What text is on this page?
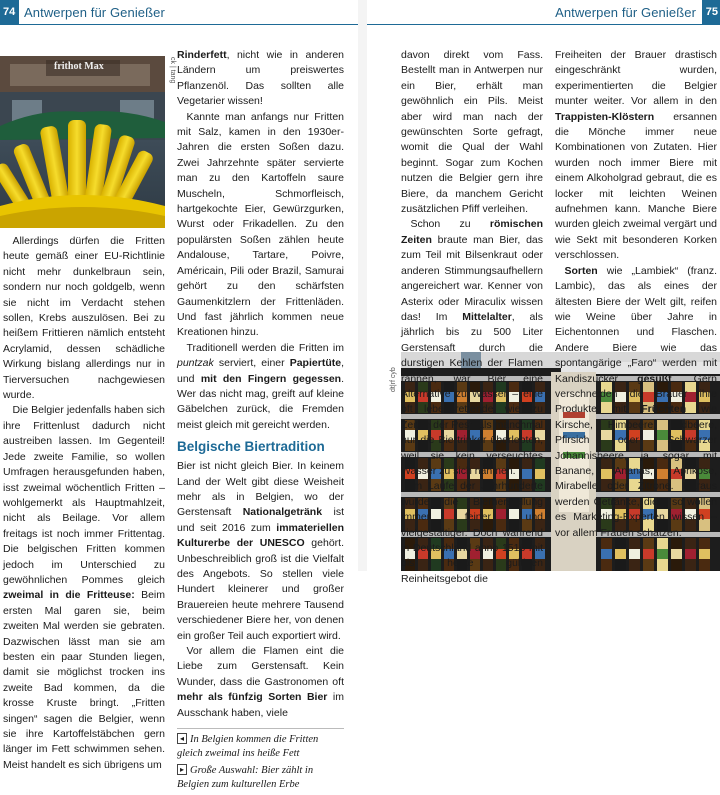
74 Antwerpen für Genießer	75
Antwerpen für Genießer
frithot Max	ck | tang
dt|rf cyb

Allerdings dürfen die Fritten heute gemäß einer EU-Richtlinie nicht mehr dunkelbraun sein, sondern nur noch goldgelb, wenn sie nicht im Verdacht stehen sollen, Krebs auszulösen. Bei zu heißem Frittieren nämlich entsteht Acrylamid, dessen schädliche Wirkung bislang allerdings nur in Tierversuchen nachgewiesen wurde.

Die Belgier jedenfalls haben sich ihre Frittenlust dadurch nicht austreiben lassen. Im Gegenteil! Jede zweite Familie, so wollen Umfragen herausgefunden haben, isst zweimal wöchentlich Fritten – wohlgemerkt als Hauptmahlzeit, nicht als Beilage. Vor allem freitags ist noch immer Frittentag. Die belgischen Fritten kommen jedoch im Unterschied zu gewöhnlichen Pommes gleich zweimal in die Fritteuse: Beim ersten Mal garen sie, beim zweiten Mal werden sie gebraten. Dazwischen lässt man sie am besten ein paar Stunden liegen, damit sie möglichst trocken ins zweite Bad kommen, da die krosse Kruste bringt. „Fritten singen“ sagen die Belgier, wenn sie ihre Kartoffelstäbchen gern länger im Fett schwimmen sehen. Meist handelt es sich übrigens um

Rinderfett, nicht wie in anderen Ländern um preiswertes Pflanzenöl. Das sollten alle Vegetarier wissen!

Kannte man anfangs nur Fritten mit Salz, kamen in den 1930er-Jahren die ersten Soßen dazu. Zwei Jahrzehnte später servierte man zu den Kartoffeln saure Muscheln, Schmorfleisch, hartgekochte Eier, Gewürzgurken, Wurst oder Frikadellen. Zu den populärsten Soßen zählen heute Andalouse, Tartare, Poivre, Américain, Pili oder Brazil, Samurai gehört zu den schärfsten Gaumenkitzlern der Frittenläden. Und fast jährlich kommen neue Kreationen hinzu.

Traditionell werden die Fritten im puntzak serviert, einer Papiertüte, und mit den Fingern gegessen. Wer das nicht mag, greift auf kleine Gäbelchen zurück, die Fremden meist gleich mit gereicht werden.

Belgische Biertradition

Bier ist nicht gleich Bier. In keinem Land der Welt gibt diese Weisheit mehr als in Belgien, wo der Gerstensaft Nationalgetränk ist und seit 2016 zum immateriellen Kulturerbe der UNESCO gehört. Unbeschreiblich groß ist die Vielfalt des Angebots. So stellen viele Hundert kleinerer und großer Brauereien heute mehrere Tausend verschiedener Biere her, von denen ein großer Teil auch exportiert wird.

Vor allem die Flamen eint die Liebe zum Gerstensaft. Kein Wunder, dass die Gastronomen oft mehr als fünfzig Sorten Bier im Ausschank haben, viele

◂ In Belgien kommen die Fritten gleich zweimal ins heiße Fett
▸ Große Auswahl: Bier zählt in Belgien zum kulturellen Erbe

davon direkt vom Fass. Bestellt man in Antwerpen nur ein Bier, erhält man gewöhnlich ein Pils. Meist aber wird man nach der gewünschten Sorte gefragt, womit die Qual der Wahl beginnt. Sogar zum Kochen nutzen die Belgier gern ihre Biere, da manchem Gericht zusätzlichen Pfiff verleihen.

Schon zu römischen Zeiten braute man Bier, das zum Teil mit Bilsenkraut oder anderen Stimmungsaufhellern angereichert war. Kenner von Asterix oder Miraculix wissen das! Im Mittelalter, als jährlich bis zu 500 Liter Gerstensaft durch die durstigen Kehlen der Flamen rannen, war Bier eine Alternative zu Wasser – eine oft lebensrettende wie zu Zeiten der Pest, als manchmal nur die Biertrinker überlebten, weil sie kein verseuchtes Wasser zu sich nahmen.

Im Laufe der Jahrhunderte wurde die Bierherstellung immer feiner und vielgestaltiger. Doch während in Deutschland anno 1516 mit bis heute gültigen Reinheitsgebot die

Freiheiten der Brauer drastisch eingeschränkt wurden, experimentierten die Belgier munter weiter. Vor allem in den Trappisten-Klöstern ersannen die Mönche immer neue Kombinationen von Zutaten. Hier wurden noch immer Biere mit einem Alkoholgrad gebraut, die es locker mit leichten Weinen aufnehmen kann. Manche Biere wurden gleich zweimal vergärt und wie Sekt mit besonderen Korken verschlossen.

Sorten wie „Lambiek“ (franz. Lambic), das als eines der ältesten Biere der Welt gilt, reifen wie Weine über Jahre in Eichentonnen und Flaschen. Andere Biere wie das spontangärige „Faro“ werden mit Kandiszucker gesüßt. Gern verschneiden die Brauer ihre Produkte mit Früchten wie Kirsche, Himbeere, Erdbeere, Pfirsich oder Schwarzer Johannisbeere, ja sogar mit Banane, Ananas, Aprikose, Mirabelle oder Zitrone. Daraus werden Getränke, die – so wollen es Marketing-Experten wissen – vor allem Frauen schätzen.
